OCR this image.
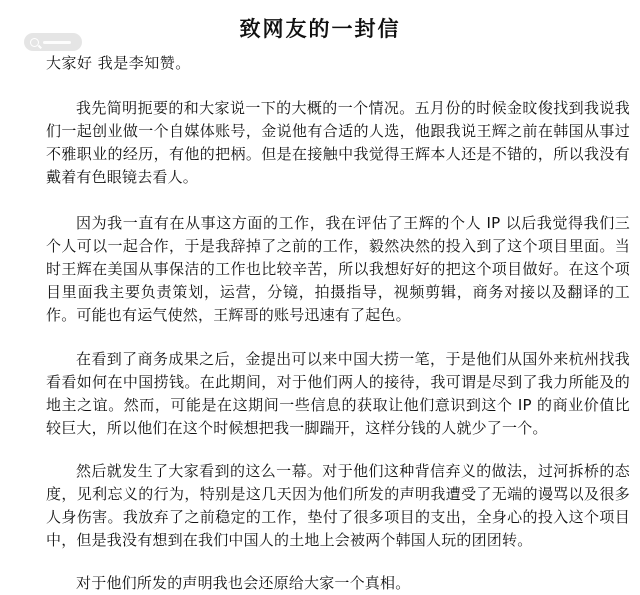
致网友的一封信
大家好 我是李知赞。

我先简明扼要的和大家说一下的大概的一个情况。五月份的时候金旼俊找到我说我们一起创业做一个自媒体账号，金说他有合适的人选，他跟我说王辉之前在韩国从事过不雅职业的经历，有他的把柄。但是在接触中我觉得王辉本人还是不错的，所以我没有戴着有色眼镜去看人。

因为我一直有在从事这方面的工作，我在评估了王辉的个人 IP 以后我觉得我们三个人可以一起合作，于是我辞掉了之前的工作，毅然决然的投入到了这个项目里面。当时王辉在美国从事保洁的工作也比较辛苦，所以我想好好的把这个项目做好。在这个项目里面我主要负责策划，运营，分镜，拍摄指导，视频剪辑，商务对接以及翻译的工作。可能也有运气使然，王辉哥的账号迅速有了起色。

在看到了商务成果之后，金提出可以来中国大捞一笔，于是他们从国外来杭州找我看看如何在中国捞钱。在此期间，对于他们两人的接待，我可谓是尽到了我力所能及的地主之谊。然而，可能是在这期间一些信息的获取让他们意识到这个 IP 的商业价值比较巨大，所以他们在这个时候想把我一脚踹开，这样分钱的人就少了一个。

然后就发生了大家看到的这么一幕。对于他们这种背信弃义的做法，过河拆桥的态度，见利忘义的行为，特别是这几天因为他们所发的声明我遭受了无端的谩骂以及很多人身伤害。我放弃了之前稳定的工作，垫付了很多项目的支出，全身心的投入这个项目中，但是我没有想到在我们中国人的土地上会被两个韩国人玩的团团转。

对于他们所发的声明我也会还原给大家一个真相。
